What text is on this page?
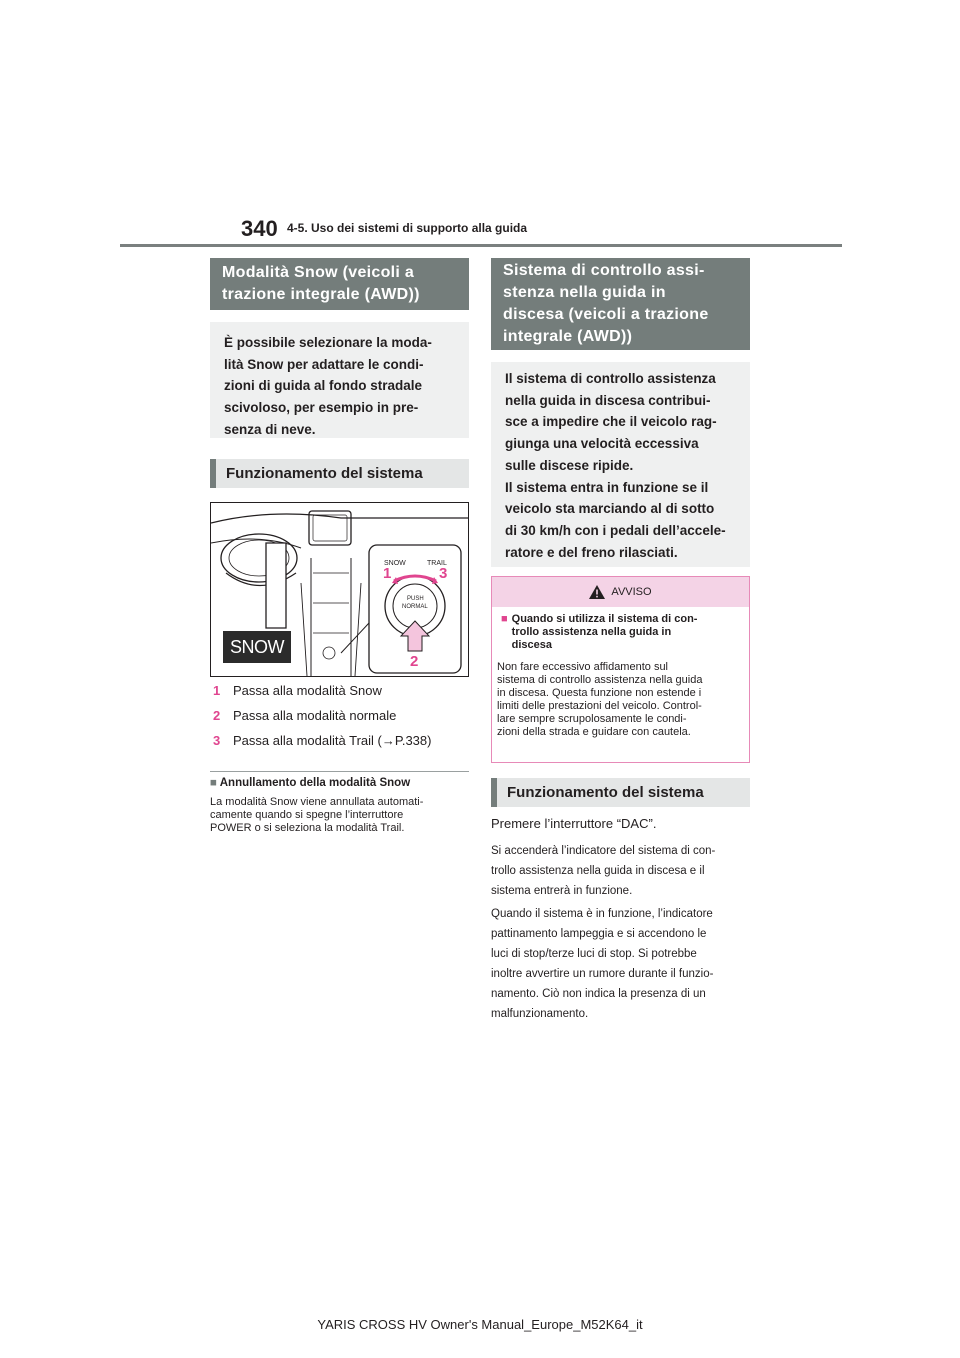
340 4-5. Uso dei sistemi di supporto alla guida
Modalità Snow (veicoli a trazione integrale (AWD))
È possibile selezionare la moda-
lità Snow per adattare le condi-
zioni di guida al fondo stradale
scivoloso, per esempio in pre-
senza di neve.
Funzionamento del sistema
SNOW	TRAIL
PUSH
NORMAL
1	3
2
SNOW
1 Passa alla modalità Snow
2 Passa alla modalità normale
3 Passa alla modalità Trail (→P.338)
■ Annullamento della modalità Snow
La modalità Snow viene annullata automati-
camente quando si spegne l’interruttore
POWER o si seleziona la modalità Trail.
Sistema di controllo assi-
stenza nella guida in
discesa (veicoli a trazione
integrale (AWD))
Il sistema di controllo assistenza
nella guida in discesa contribui-
sce a impedire che il veicolo rag-
giunga una velocità eccessiva
sulle discese ripide.
Il sistema entra in funzione se il
veicolo sta marciando al di sotto
di 30 km/h con i pedali dell’accele-
ratore e del freno rilasciati.
AVVISO
■ Quando si utilizza il sistema di con-
trollo assistenza nella guida in
discesa
Non fare eccessivo affidamento sul
sistema di controllo assistenza nella guida
in discesa. Questa funzione non estende i
limiti delle prestazioni del veicolo. Control-
lare sempre scrupolosamente le condi-
zioni della strada e guidare con cautela.
Funzionamento del sistema
Premere l’interruttore “DAC”.
Si accenderà l’indicatore del sistema di con-
trollo assistenza nella guida in discesa e il
sistema entrerà in funzione.
Quando il sistema è in funzione, l’indicatore
pattinamento lampeggia e si accendono le
luci di stop/terze luci di stop. Si potrebbe
inoltre avvertire un rumore durante il funzio-
namento. Ciò non indica la presenza di un
malfunzionamento.
YARIS CROSS HV Owner's Manual_Europe_M52K64_it
